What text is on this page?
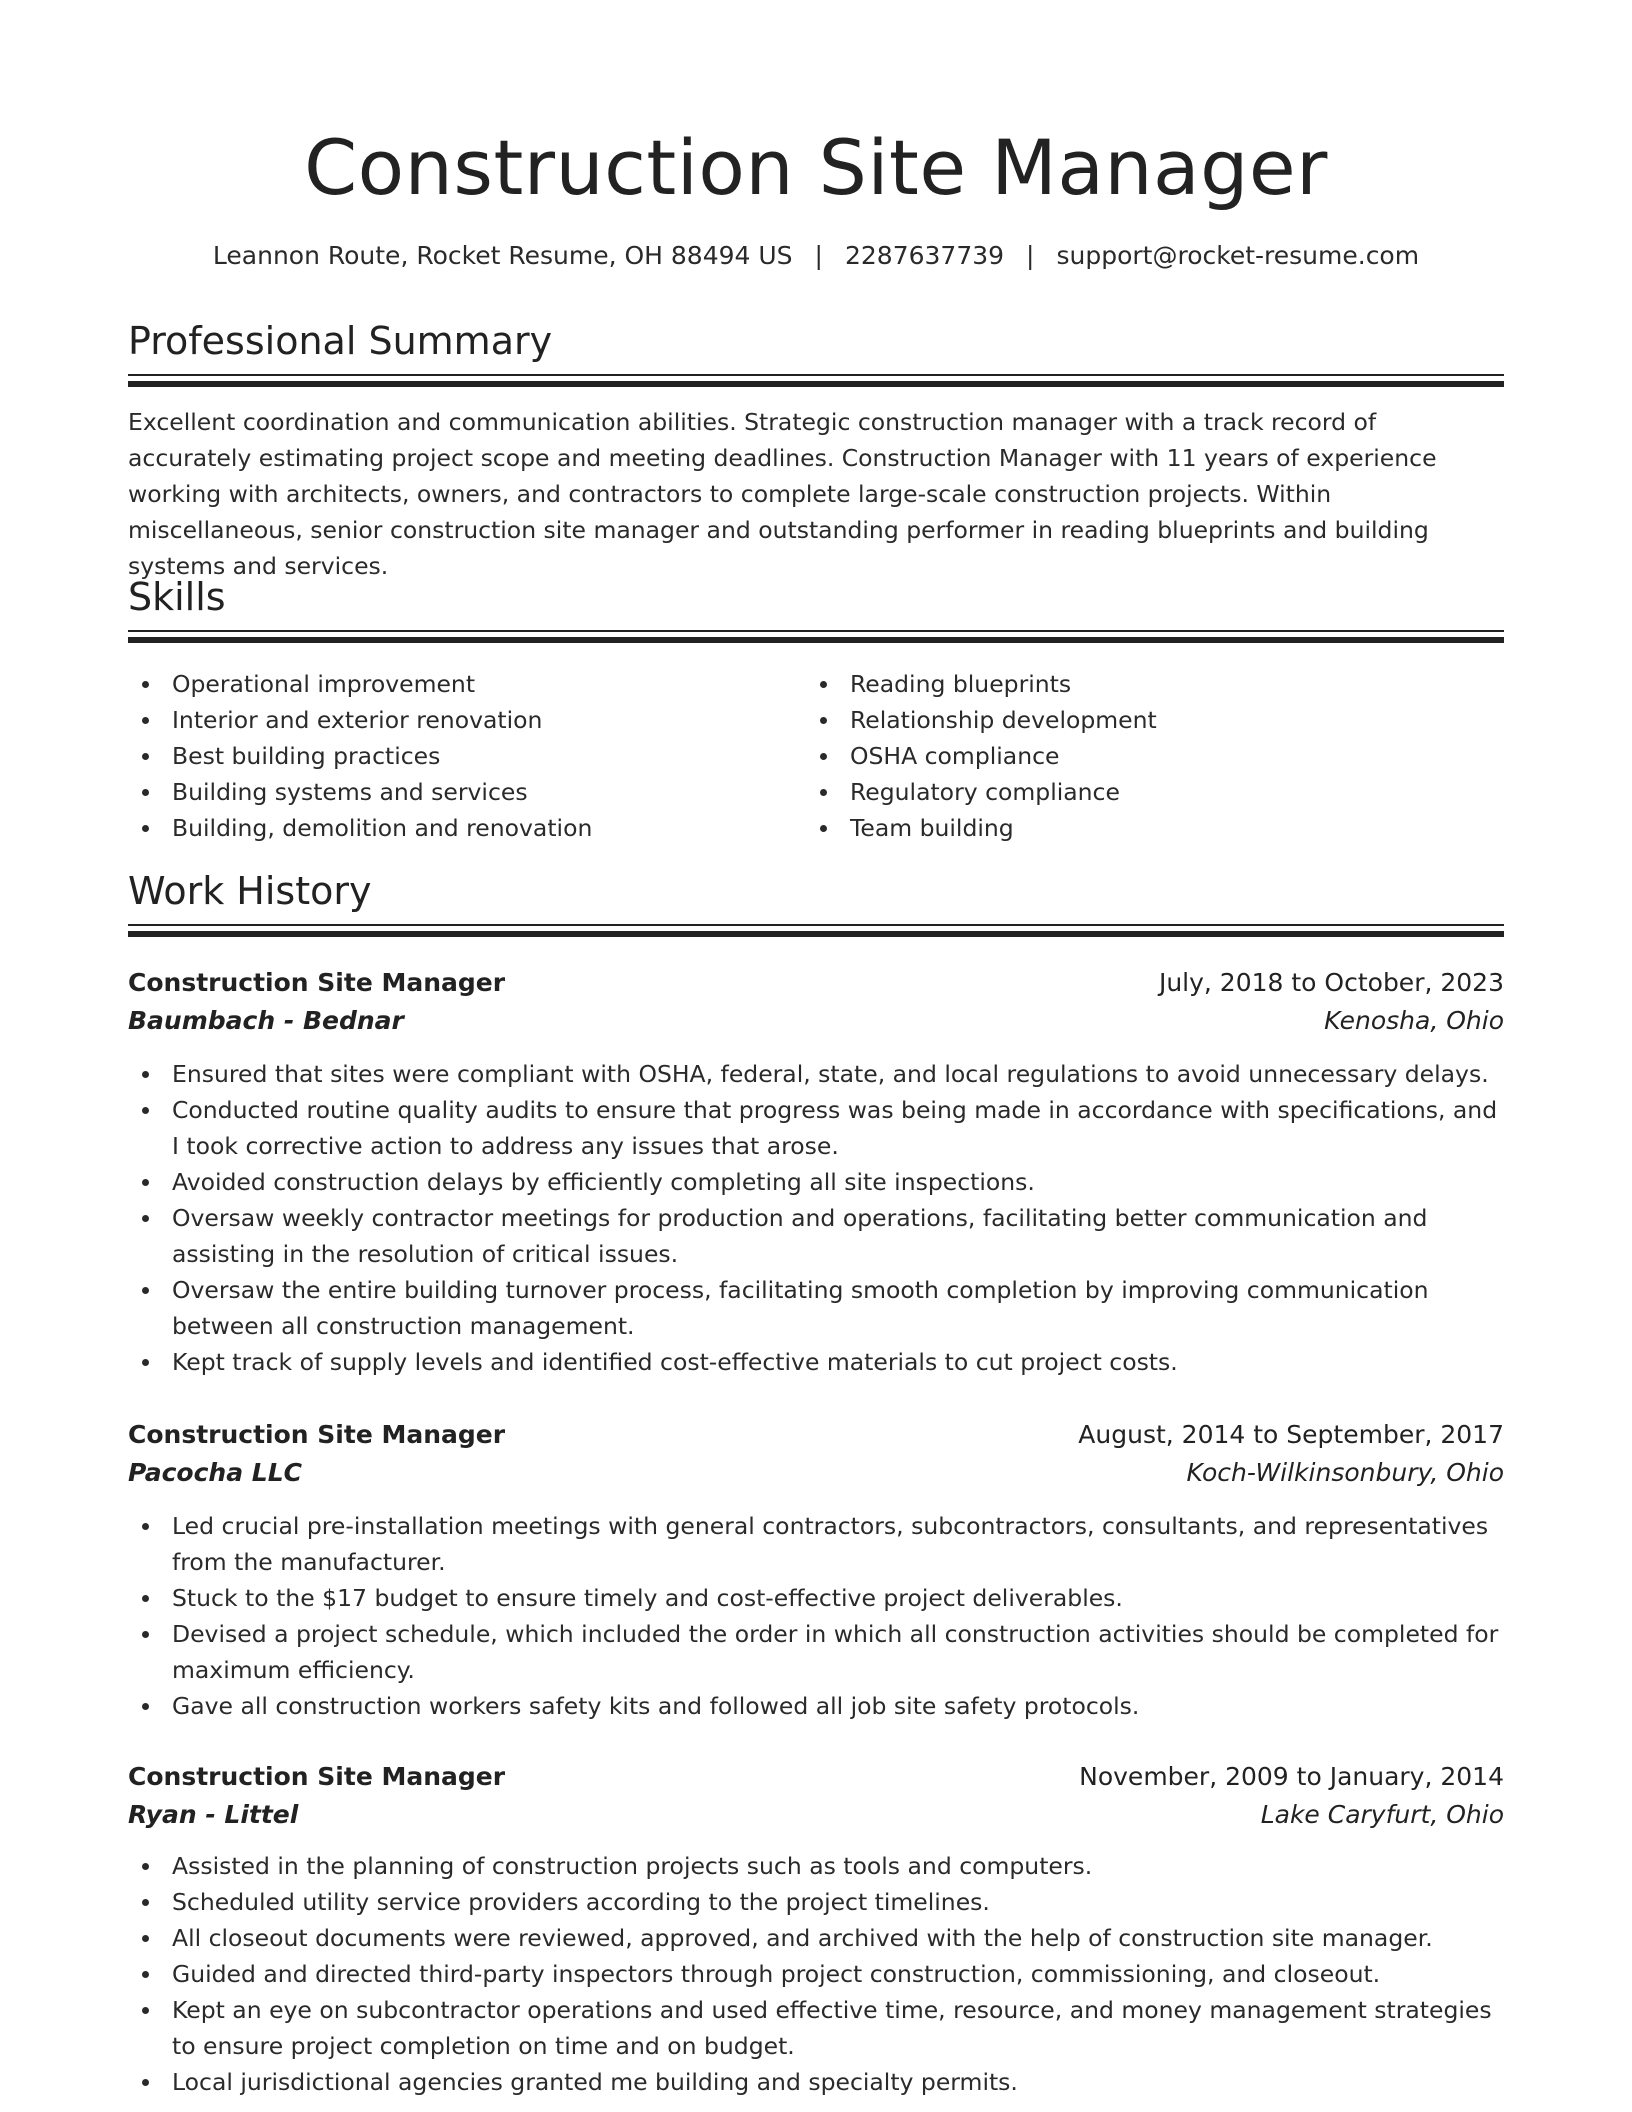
Construction Site Manager
Leannon Route, Rocket Resume, OH 88494 US | 2287637739 | support@rocket-resume.com
Professional Summary

Excellent coordination and communication abilities. Strategic construction manager with a track record of accurately estimating project scope and meeting deadlines. Construction Manager with 11 years of experience working with architects, owners, and contractors to complete large-scale construction projects. Within miscellaneous, senior construction site manager and outstanding performer in reading blueprints and building systems and services.

Skills
Operational improvement
Interior and exterior renovation
Best building practices
Building systems and services
Building, demolition and renovation
Reading blueprints
Relationship development
OSHA compliance
Regulatory compliance
Team building
Work History
Construction Site Manager	July, 2018 to October, 2023
Baumbach - Bednar	Kenosha, Ohio
Ensured that sites were compliant with OSHA, federal, state, and local regulations to avoid unnecessary delays.
Conducted routine quality audits to ensure that progress was being made in accordance with specifications, and I took corrective action to address any issues that arose.
Avoided construction delays by efficiently completing all site inspections.
Oversaw weekly contractor meetings for production and operations, facilitating better communication and assisting in the resolution of critical issues.
Oversaw the entire building turnover process, facilitating smooth completion by improving communication between all construction management.
Kept track of supply levels and identified cost-effective materials to cut project costs.
Construction Site Manager	August, 2014 to September, 2017
Pacocha LLC	Koch-Wilkinsonbury, Ohio
Led crucial pre-installation meetings with general contractors, subcontractors, consultants, and representatives from the manufacturer.
Stuck to the $17 budget to ensure timely and cost-effective project deliverables.
Devised a project schedule, which included the order in which all construction activities should be completed for maximum efficiency.
Gave all construction workers safety kits and followed all job site safety protocols.
Construction Site Manager	November, 2009 to January, 2014
Ryan - Littel	Lake Caryfurt, Ohio
Assisted in the planning of construction projects such as tools and computers.
Scheduled utility service providers according to the project timelines.
All closeout documents were reviewed, approved, and archived with the help of construction site manager.
Guided and directed third-party inspectors through project construction, commissioning, and closeout.
Kept an eye on subcontractor operations and used effective time, resource, and money management strategies to ensure project completion on time and on budget.
Local jurisdictional agencies granted me building and specialty permits.
